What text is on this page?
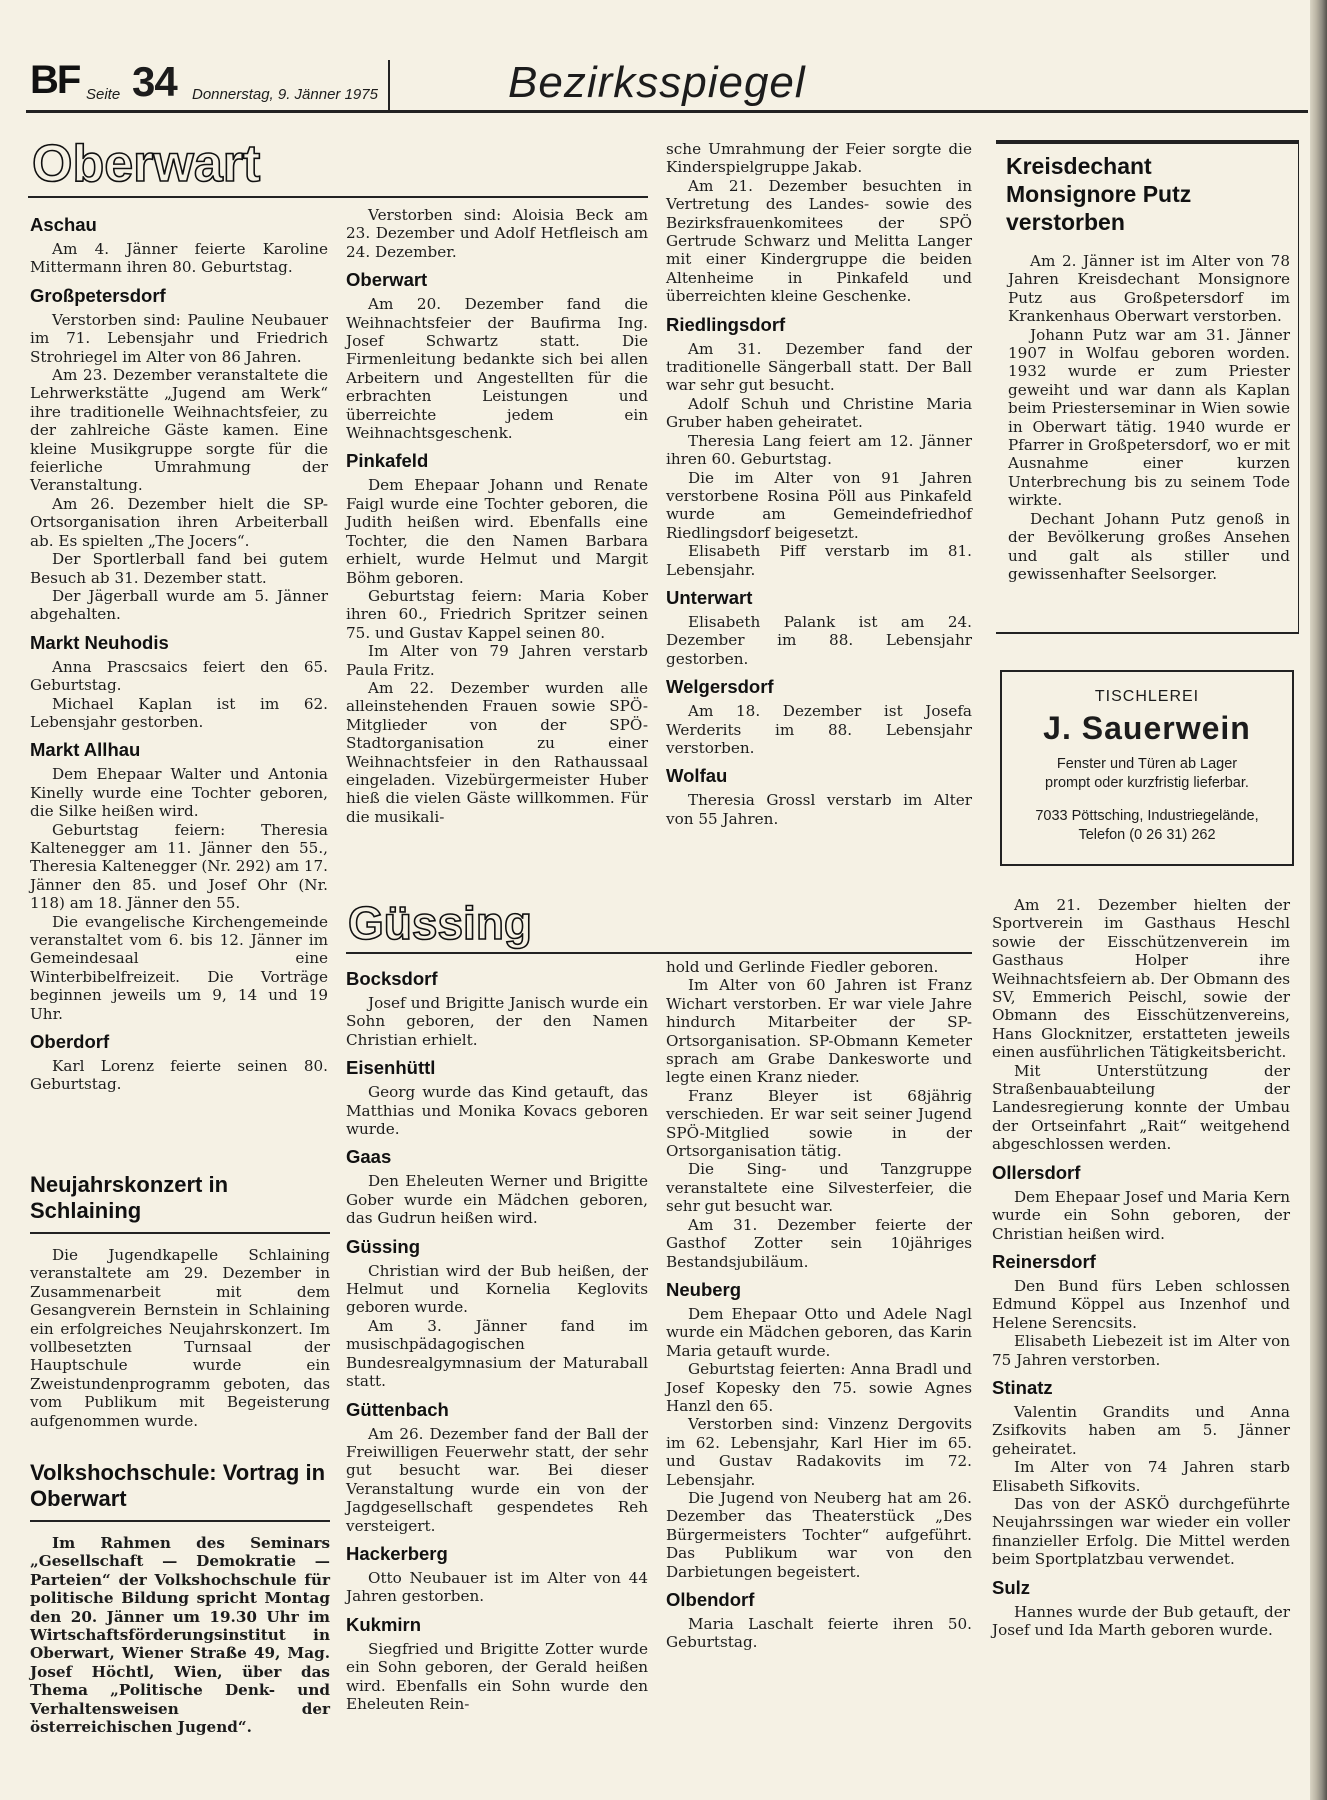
BF Seite 34 Donnerstag, 9. Jänner 1975	Bezirksspiegel
Oberwart
Aschau

Am 4. Jänner feierte Karoline Mittermann ihren 80. Geburtstag.

Großpetersdorf

Verstorben sind: Pauline Neubauer im 71. Lebensjahr und Friedrich Strohriegel im Alter von 86 Jahren.

Am 23. Dezember veranstaltete die Lehrwerkstätte „Jugend am Werk“ ihre traditionelle Weihnachtsfeier, zu der zahlreiche Gäste kamen. Eine kleine Musikgruppe sorgte für die feierliche Umrahmung der Veranstaltung.

Am 26. Dezember hielt die SP-Ortsorganisation ihren Arbeiterball ab. Es spielten „The Jocers“.

Der Sportlerball fand bei gutem Besuch ab 31. Dezember statt.

Der Jägerball wurde am 5. Jänner abgehalten.

Markt Neuhodis

Anna Prascsaics feiert den 65. Geburtstag.

Michael Kaplan ist im 62. Lebensjahr gestorben.

Markt Allhau

Dem Ehepaar Walter und Antonia Kinelly wurde eine Tochter geboren, die Silke heißen wird.

Geburtstag feiern: Theresia Kaltenegger am 11. Jänner den 55., Theresia Kaltenegger (Nr. 292) am 17. Jänner den 85. und Josef Ohr (Nr. 118) am 18. Jänner den 55.

Die evangelische Kirchengemeinde veranstaltet vom 6. bis 12. Jänner im Gemeindesaal eine Winterbibelfreizeit. Die Vorträge beginnen jeweils um 9, 14 und 19 Uhr.

Oberdorf

Karl Lorenz feierte seinen 80. Geburtstag.

Verstorben sind: Aloisia Beck am 23. Dezember und Adolf Hetfleisch am 24. Dezember.

Oberwart

Am 20. Dezember fand die Weihnachtsfeier der Baufirma Ing. Josef Schwartz statt. Die Firmenleitung bedankte sich bei allen Arbeitern und Angestellten für die erbrachten Leistungen und überreichte jedem ein Weihnachtsgeschenk.

Pinkafeld

Dem Ehepaar Johann und Renate Faigl wurde eine Tochter geboren, die Judith heißen wird. Ebenfalls eine Tochter, die den Namen Barbara erhielt, wurde Helmut und Margit Böhm geboren.

Geburtstag feiern: Maria Kober ihren 60., Friedrich Spritzer seinen 75. und Gustav Kappel seinen 80.

Im Alter von 79 Jahren verstarb Paula Fritz.

Am 22. Dezember wurden alle alleinstehenden Frauen sowie SPÖ-Mitglieder von der SPÖ-Stadtorganisation zu einer Weihnachtsfeier in den Rathaussaal eingeladen. Vizebürgermeister Huber hieß die vielen Gäste willkommen. Für die musikali-

sche Umrahmung der Feier sorgte die Kinderspielgruppe Jakab.

Am 21. Dezember besuchten in Vertretung des Landes- sowie des Bezirksfrauenkomitees der SPÖ Gertrude Schwarz und Melitta Langer mit einer Kindergruppe die beiden Altenheime in Pinkafeld und überreichten kleine Geschenke.

Riedlingsdorf

Am 31. Dezember fand der traditionelle Sängerball statt. Der Ball war sehr gut besucht.

Adolf Schuh und Christine Maria Gruber haben geheiratet.

Theresia Lang feiert am 12. Jänner ihren 60. Geburtstag.

Die im Alter von 91 Jahren verstorbene Rosina Pöll aus Pinkafeld wurde am Gemeindefriedhof Riedlingsdorf beigesetzt.

Elisabeth Piff verstarb im 81. Lebensjahr.

Unterwart

Elisabeth Palank ist am 24. Dezember im 88. Lebensjahr gestorben.

Welgersdorf

Am 18. Dezember ist Josefa Werderits im 88. Lebensjahr verstorben.

Wolfau

Theresia Grossl verstarb im Alter von 55 Jahren.

Kreisdechant Monsignore Putz verstorben

Am 2. Jänner ist im Alter von 78 Jahren Kreisdechant Monsignore Putz aus Großpetersdorf im Krankenhaus Oberwart verstorben.

Johann Putz war am 31. Jänner 1907 in Wolfau geboren worden. 1932 wurde er zum Priester geweiht und war dann als Kaplan beim Priesterseminar in Wien sowie in Oberwart tätig. 1940 wurde er Pfarrer in Großpetersdorf, wo er mit Ausnahme einer kurzen Unterbrechung bis zu seinem Tode wirkte.

Dechant Johann Putz genoß in der Bevölkerung großes Ansehen und galt als stiller und gewissenhafter Seelsorger.

TISCHLEREI
J. Sauerwein
Fenster und Türen ab Lager
prompt oder kurzfristig lieferbar.
7033 Pöttsching, Industriegelände,
Telefon (0 26 31) 262
Neujahrskonzert in Schlaining

Die Jugendkapelle Schlaining veranstaltete am 29. Dezember in Zusammenarbeit mit dem Gesangverein Bernstein in Schlaining ein erfolgreiches Neujahrskonzert. Im vollbesetzten Turnsaal der Hauptschule wurde ein Zweistundenprogramm geboten, das vom Publikum mit Begeisterung aufgenommen wurde.

Volkshochschule: Vortrag in Oberwart

Im Rahmen des Seminars „Gesellschaft — Demokratie — Parteien“ der Volkshochschule für politische Bildung spricht Montag den 20. Jänner um 19.30 Uhr im Wirtschaftsförderungsinstitut in Oberwart, Wiener Straße 49, Mag. Josef Höchtl, Wien, über das Thema „Politische Denk- und Verhaltensweisen der österreichischen Jugend“.

Güssing
Bocksdorf

Josef und Brigitte Janisch wurde ein Sohn geboren, der den Namen Christian erhielt.

Eisenhüttl

Georg wurde das Kind getauft, das Matthias und Monika Kovacs geboren wurde.

Gaas

Den Eheleuten Werner und Brigitte Gober wurde ein Mädchen geboren, das Gudrun heißen wird.

Güssing

Christian wird der Bub heißen, der Helmut und Kornelia Keglovits geboren wurde.

Am 3. Jänner fand im musischpädagogischen Bundesrealgymnasium der Maturaball statt.

Güttenbach

Am 26. Dezember fand der Ball der Freiwilligen Feuerwehr statt, der sehr gut besucht war. Bei dieser Veranstaltung wurde ein von der Jagdgesellschaft gespendetes Reh versteigert.

Hackerberg

Otto Neubauer ist im Alter von 44 Jahren gestorben.

Kukmirn

Siegfried und Brigitte Zotter wurde ein Sohn geboren, der Gerald heißen wird. Ebenfalls ein Sohn wurde den Eheleuten Rein-

hold und Gerlinde Fiedler geboren.

Im Alter von 60 Jahren ist Franz Wichart verstorben. Er war viele Jahre hindurch Mitarbeiter der SP-Ortsorganisation. SP-Obmann Kemeter sprach am Grabe Dankesworte und legte einen Kranz nieder.

Franz Bleyer ist 68jährig verschieden. Er war seit seiner Jugend SPÖ-Mitglied sowie in der Ortsorganisation tätig.

Die Sing- und Tanzgruppe veranstaltete eine Silvesterfeier, die sehr gut besucht war.

Am 31. Dezember feierte der Gasthof Zotter sein 10jähriges Bestandsjubiläum.

Neuberg

Dem Ehepaar Otto und Adele Nagl wurde ein Mädchen geboren, das Karin Maria getauft wurde.

Geburtstag feierten: Anna Bradl und Josef Kopesky den 75. sowie Agnes Hanzl den 65.

Verstorben sind: Vinzenz Dergovits im 62. Lebensjahr, Karl Hier im 65. und Gustav Radakovits im 72. Lebensjahr.

Die Jugend von Neuberg hat am 26. Dezember das Theaterstück „Des Bürgermeisters Tochter“ aufgeführt. Das Publikum war von den Darbietungen begeistert.

Olbendorf

Maria Laschalt feierte ihren 50. Geburtstag.

Am 21. Dezember hielten der Sportverein im Gasthaus Heschl sowie der Eisschützenverein im Gasthaus Holper ihre Weihnachtsfeiern ab. Der Obmann des SV, Emmerich Peischl, sowie der Obmann des Eisschützenvereins, Hans Glocknitzer, erstatteten jeweils einen ausführlichen Tätigkeitsbericht.

Mit Unterstützung der Straßenbauabteilung der Landesregierung konnte der Umbau der Ortseinfahrt „Rait“ weitgehend abgeschlossen werden.

Ollersdorf

Dem Ehepaar Josef und Maria Kern wurde ein Sohn geboren, der Christian heißen wird.

Reinersdorf

Den Bund fürs Leben schlossen Edmund Köppel aus Inzenhof und Helene Serencsits.

Elisabeth Liebezeit ist im Alter von 75 Jahren verstorben.

Stinatz

Valentin Grandits und Anna Zsifkovits haben am 5. Jänner geheiratet.

Im Alter von 74 Jahren starb Elisabeth Sifkovits.

Das von der ASKÖ durchgeführte Neujahrssingen war wieder ein voller finanzieller Erfolg. Die Mittel werden beim Sportplatzbau verwendet.

Sulz

Hannes wurde der Bub getauft, der Josef und Ida Marth geboren wurde.
